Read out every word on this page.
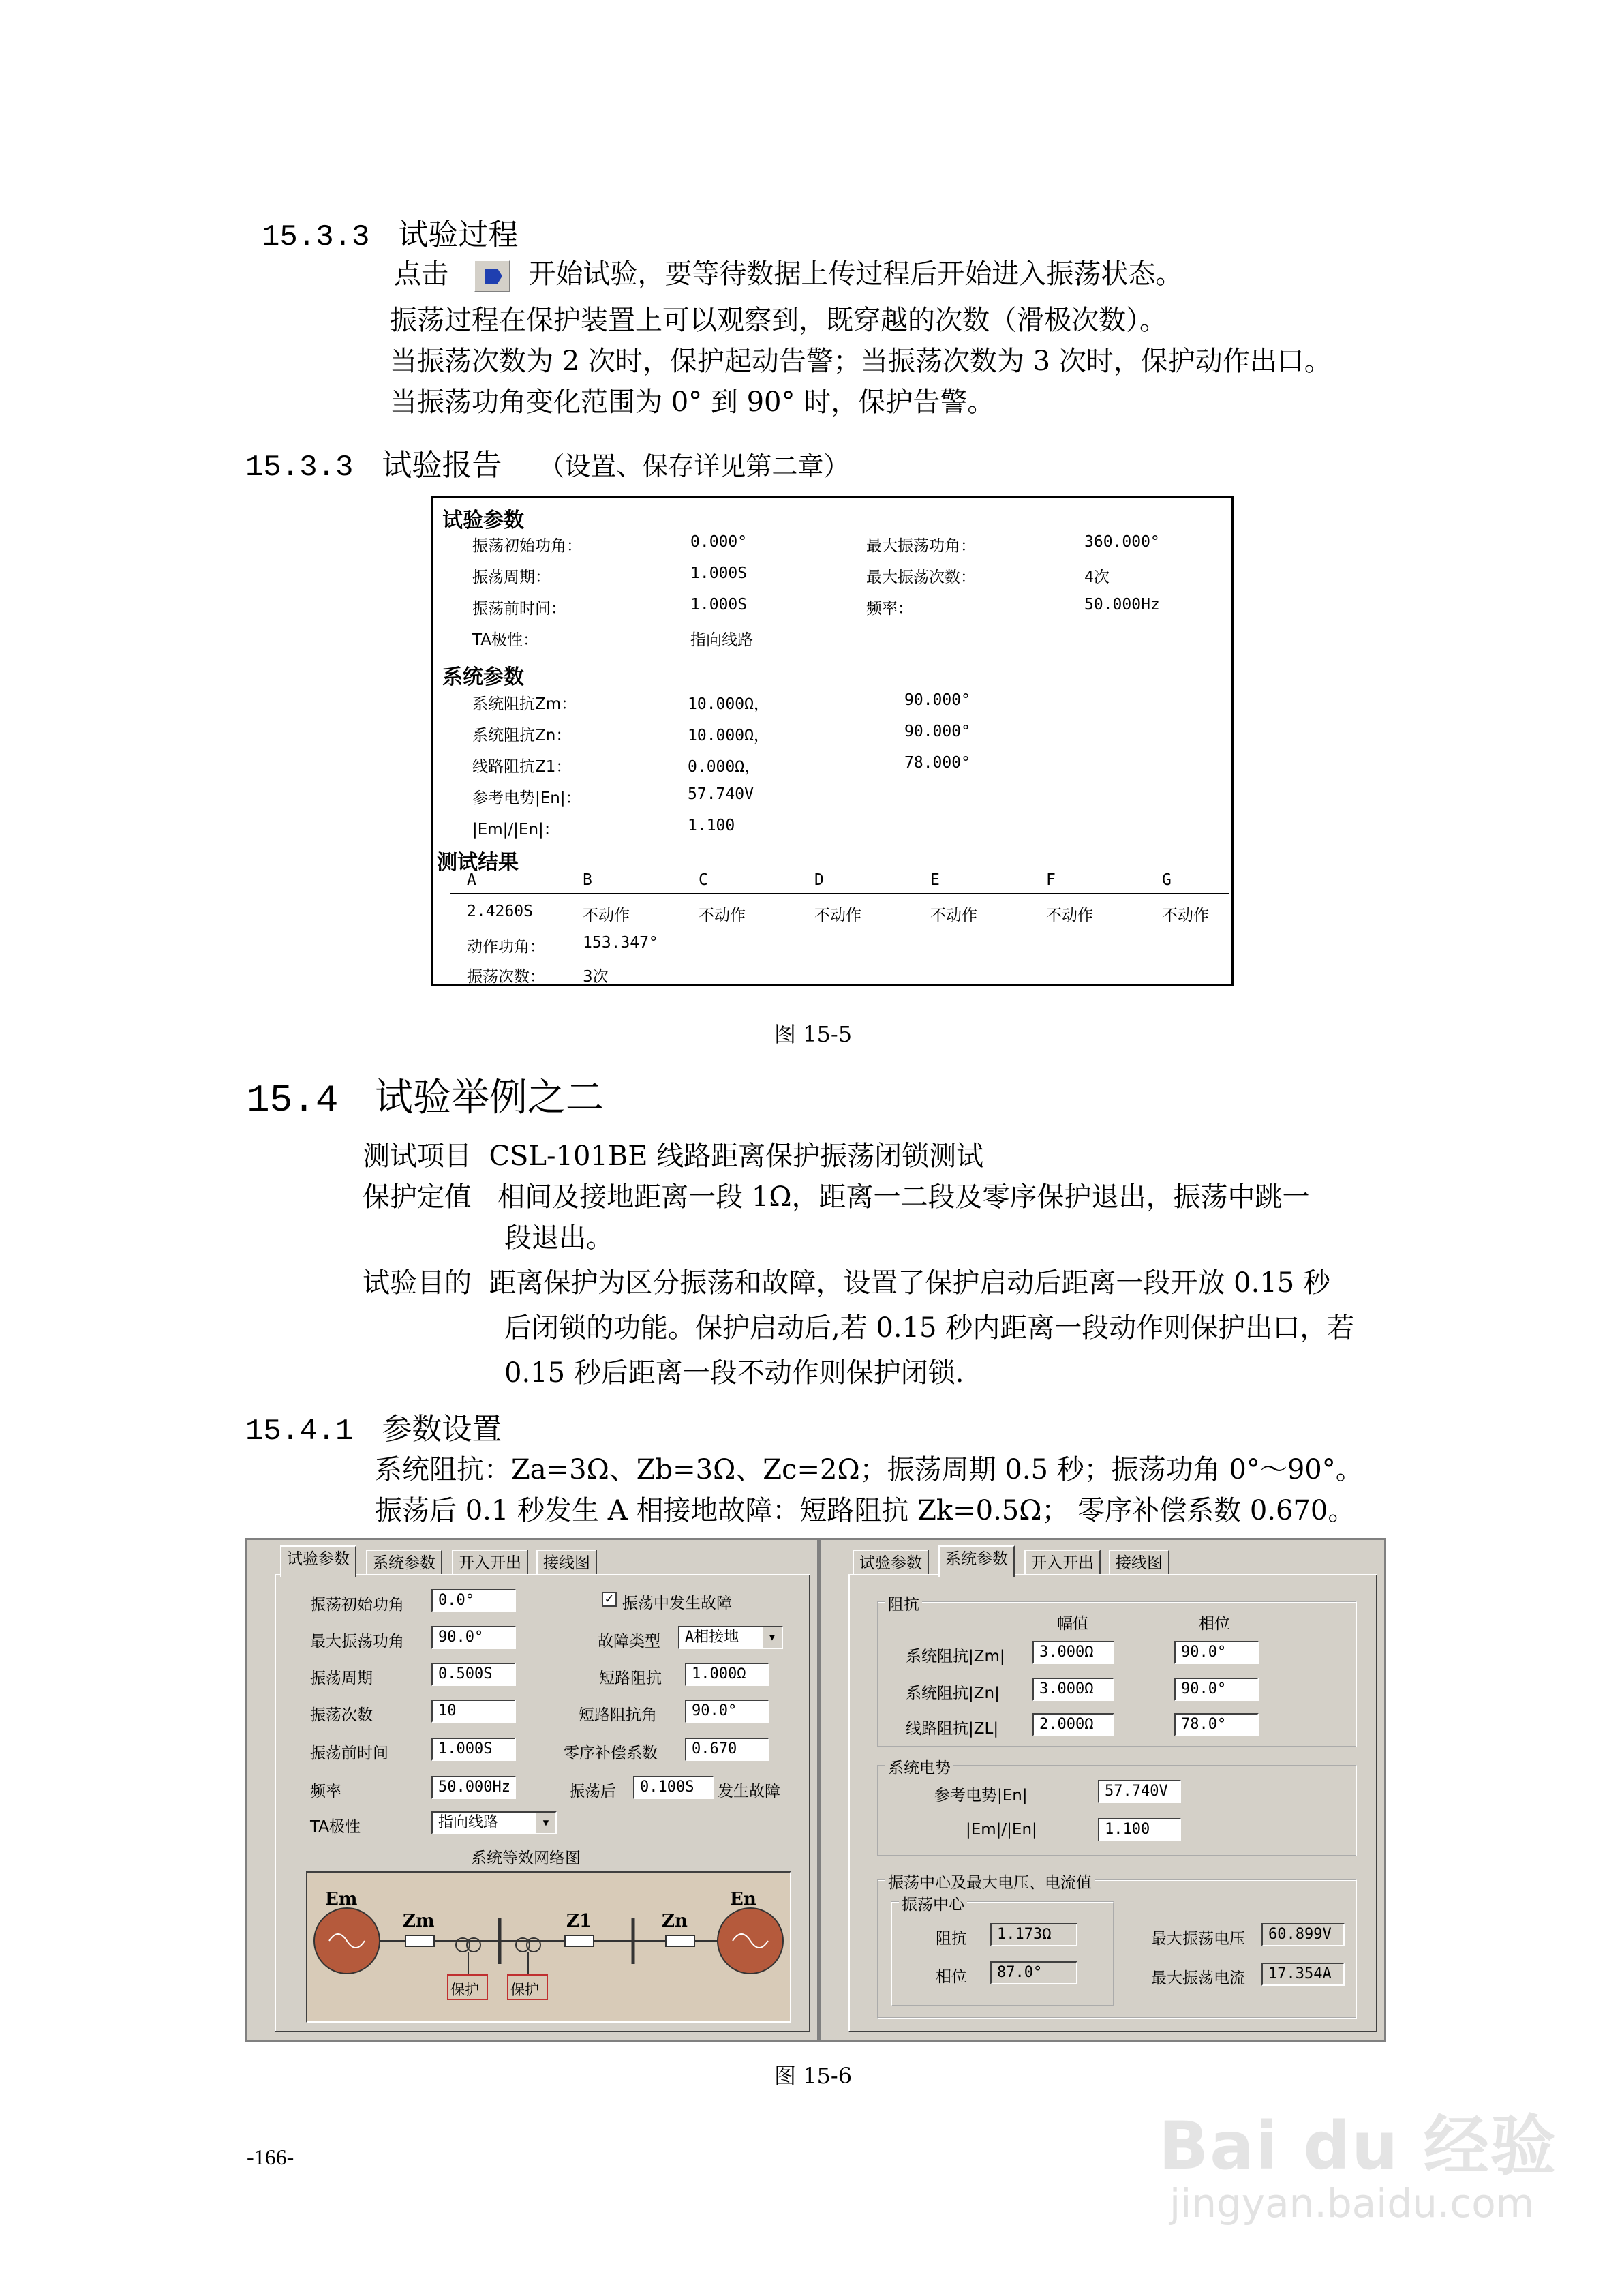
15.3.3 试验过程
点击	开始试验，要等待数据上传过程后开始进入振荡状态。
振荡过程在保护装置上可以观察到，既穿越的次数（滑极次数）。
当振荡次数为 2 次时，保护起动告警；当振荡次数为 3 次时，保护动作出口。
当振荡功角变化范围为 0° 到 90° 时，保护告警。
15.3.3 试验报告 （设置、保存详见第二章）
试验参数
振荡初始功角：	0.000°	最大振荡功角：	360.000°
振荡周期：	1.000S	最大振荡次数：	4次
振荡前时间：	1.000S	频率：	50.000Hz
TA极性：	指向线路
系统参数
系统阻抗Zm：	10.000Ω，	90.000°
系统阻抗Zn：	10.000Ω，	90.000°
线路阻抗Z1：	0.000Ω，	78.000°
参考电势|En|：	57.740V
|Em|/|En|：	1.100
测试结果
A	B	C	D	E	F	G
2.4260S	不动作	不动作	不动作	不动作	不动作	不动作
动作功角： 153.347°
振荡次数： 3次
图 15-5
15.4 试验举例之二
测试项目 CSL-101BE 线路距离保护振荡闭锁测试
保护定值 相间及接地距离一段 1Ω，距离一二段及零序保护退出，振荡中跳一
段退出。
试验目的 距离保护为区分振荡和故障，设置了保护启动后距离一段开放 0.15 秒
后闭锁的功能。保护启动后,若 0.15 秒内距离一段动作则保护出口，若
0.15 秒后距离一段不动作则保护闭锁.
15.4.1 参数设置
系统阻抗：Za=3Ω、Zb=3Ω、Zc=2Ω；振荡周期 0.5 秒；振荡功角 0°～90°。
振荡后 0.1 秒发生 A 相接地故障：短路阻抗 Zk=0.5Ω； 零序补偿系数 0.670。
试验参数	系统参数	开入开出	接线图
振荡初始功角	0.0°
最大振荡功角	90.0°
振荡周期	0.500S
振荡次数	10
振荡前时间	1.000S
频率	50.000Hz
TA极性	指向线路	▼
✓ 振荡中发生故障
故障类型	A相接地	▼
短路阻抗	1.000Ω
短路阻抗角	90.0°
零序补偿系数	0.670
振荡后	0.100S	发生故障
系统等效网络图
Em	En
Zm	Z1	Zn
保护 保护
试验参数	系统参数	开入开出	接线图
阻抗
幅值	相位
系统阻抗|Zm|	3.000Ω	90.0°
系统阻抗|Zn|	3.000Ω	90.0°
线路阻抗|ZL|	2.000Ω	78.0°
系统电势
参考电势|En|	57.740V
|Em|/|En|	1.100
振荡中心及最大电压、电流值
振荡中心
阻抗	1.173Ω
相位	87.0°
最大振荡电压	60.899V
最大振荡电流	17.354A
图 15-6
-166-	Bai du 经验
jingyan.baidu.com
